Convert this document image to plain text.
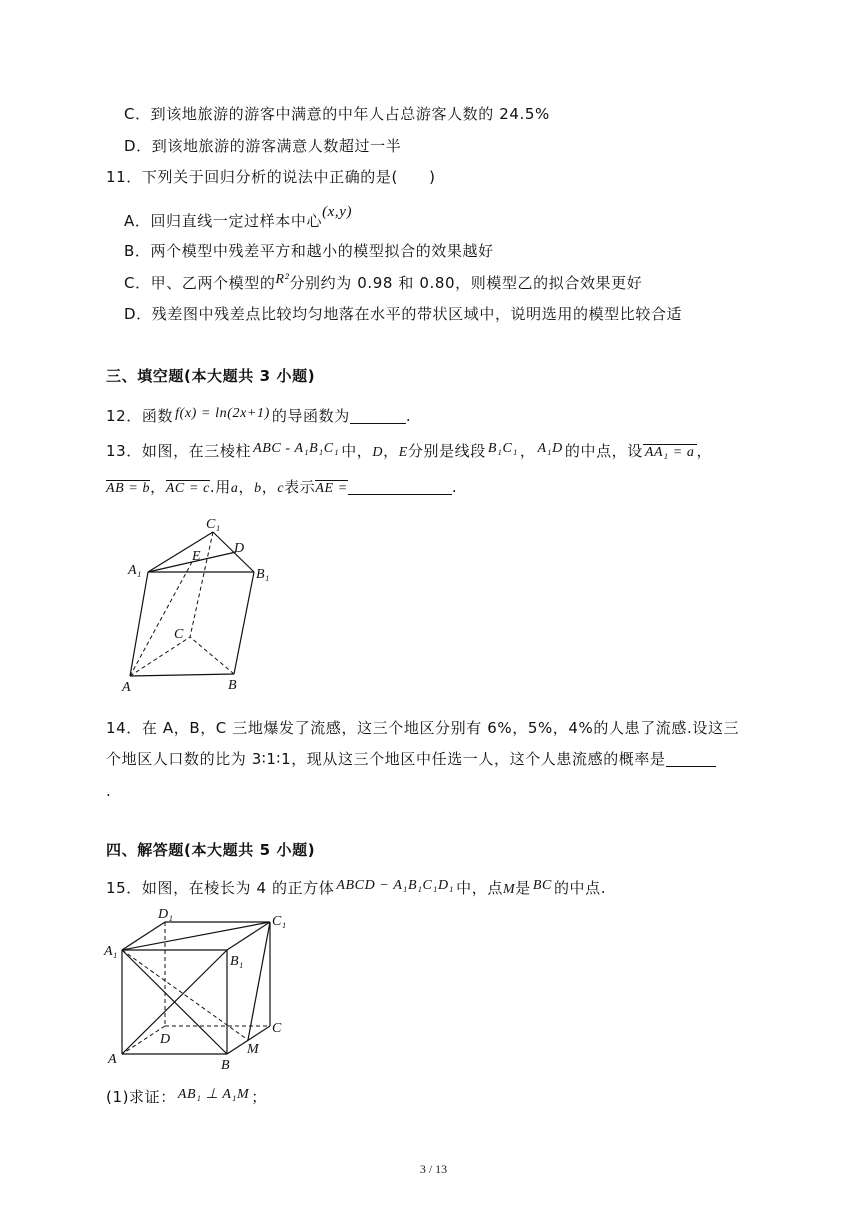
C．到该地旅游的游客中满意的中年人占总游客人数的 24.5%
D．到该地旅游的游客满意人数超过一半
11．下列关于回归分析的说法中正确的是(　　)
A．回归直线一定过样本中心(x,y)
B．两个模型中残差平方和越小的模型拟合的效果越好
C．甲、乙两个模型的R²分别约为 0.98 和 0.80，则模型乙的拟合效果更好
D．残差图中残差点比较均匀地落在水平的带状区域中，说明选用的模型比较合适
三、填空题(本大题共 3 小题)
12．函数 f(x) = ln(2x+1) 的导函数为	.
13．如图，在三棱柱 ABC - A₁B₁C₁ 中，D，E分别是线段 B₁C₁ ， A₁D 的中点，设 AA₁ = a ，
AB = b，AC = c.用a，b，c表示AE =	.
C₁
E
D
A₁	B₁
C
A	B
14．在 A，B，C 三地爆发了流感，这三个地区分别有 6%，5%，4%的人患了流感.设这三
个地区人口数的比为 3∶1∶1，现从这三个地区中任选一人，这个人患流感的概率是
.
四、解答题(本大题共 5 小题)
15．如图，在棱长为 4 的正方体 ABCD − A₁B₁C₁D₁ 中，点M是 BC 的中点.
D₁	C₁
A₁
B₁
D
C
A	B
M
(1)求证： AB₁ ⊥ A₁M ；
3 / 13
